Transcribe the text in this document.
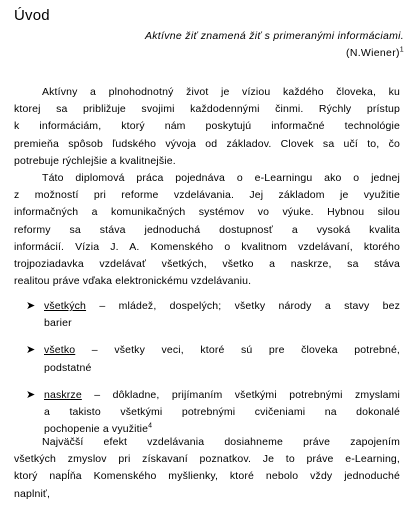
Úvod
Aktívne žiť znamená žiť s primeranými informáciami.
(N.Wiener)$^1$
Aktívny a plnohodnotný život je víziou každého človeka, ku
ktorej sa približuje svojimi každodennými činmi. Rýchly prístup
k informáciám, ktorý nám poskytujú informačné technológie
premieňa spôsob ľudského vývoja od základov. Clovek sa učí to, čo
potrebuje rýchlejšie a kvalitnejšie.
Táto diplomová práca pojednáva o e-Learningu ako o jednej
z možností pri reforme vzdelávania. Jej základom je využitie
informačných a komunikačných systémov vo výuke. Hybnou silou
reformy sa stáva jednoduchá dostupnosť a vysoká kvalita
informácií. Vízia J. A. Komenského o kvalitnom vzdelávaní, ktorého
trojpoziadavka vzdelávať všetkých, všetko a naskrze, sa stáva
realitou práve vďaka elektronickému vzdelávaniu.
➤ všetkých – mládež, dospelých; všetky národy a stavy bez
barier
➤ všetko – všetky veci, ktoré sú pre človeka potrebné,
podstatné
➤ naskrze – dôkladne, prijímaním všetkými potrebnými zmyslami
a takisto všetkými potrebnými cvičeniami na dokonalé
pochopenie a využitie$^4$
Najväčší efekt vzdelávania dosiahneme práve zapojením
všetkých zmyslov pri získavaní poznatkov. Je to práve e-Learning,
ktorý napĺňa Komenského myšlienky, ktoré nebolo vždy jednoduché
naplniť,
